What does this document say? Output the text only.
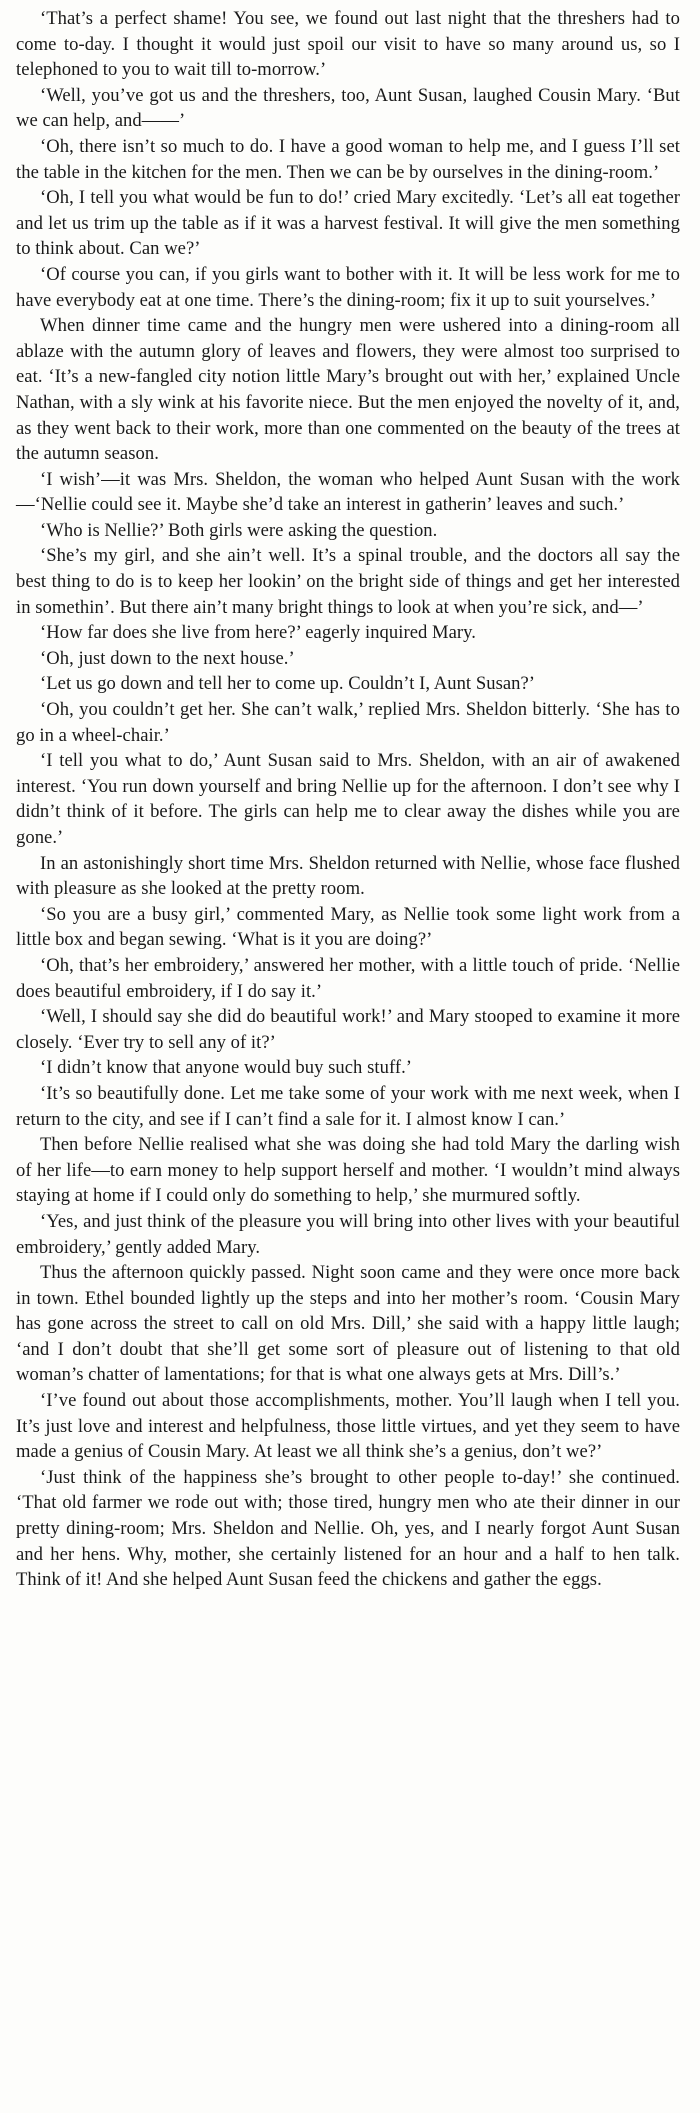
‘That’s a perfect shame! You see, we found out last night that the threshers had to come to-day. I thought it would just spoil our visit to have so many around us, so I telephoned to you to wait till to-morrow.’

‘Well, you’ve got us and the threshers, too, Aunt Susan, laughed Cousin Mary. ‘But we can help, and——’

‘Oh, there isn’t so much to do. I have a good woman to help me, and I guess I’ll set the table in the kitchen for the men. Then we can be by ourselves in the dining-room.’

‘Oh, I tell you what would be fun to do!’ cried Mary excitedly. ‘Let’s all eat together and let us trim up the table as if it was a harvest festival. It will give the men something to think about. Can we?’

‘Of course you can, if you girls want to bother with it. It will be less work for me to have everybody eat at one time. There’s the dining-room; fix it up to suit yourselves.’

When dinner time came and the hungry men were ushered into a dining-room all ablaze with the autumn glory of leaves and flowers, they were almost too surprised to eat. ‘It’s a new-fangled city notion little Mary’s brought out with her,’ explained Uncle Nathan, with a sly wink at his favorite niece. But the men enjoyed the novelty of it, and, as they went back to their work, more than one commented on the beauty of the trees at the autumn season.

‘I wish’—it was Mrs. Sheldon, the woman who helped Aunt Susan with the work—‘Nellie could see it. Maybe she’d take an interest in gatherin’ leaves and such.’

‘Who is Nellie?’ Both girls were asking the question.

‘She’s my girl, and she ain’t well. It’s a spinal trouble, and the doctors all say the best thing to do is to keep her lookin’ on the bright side of things and get her interested in somethin’. But there ain’t many bright things to look at when you’re sick, and—’

‘How far does she live from here?’ eagerly inquired Mary.

‘Oh, just down to the next house.’

‘Let us go down and tell her to come up. Couldn’t I, Aunt Susan?’

‘Oh, you couldn’t get her. She can’t walk,’ replied Mrs. Sheldon bitterly. ‘She has to go in a wheel-chair.’

‘I tell you what to do,’ Aunt Susan said to Mrs. Sheldon, with an air of awakened interest. ‘You run down yourself and bring Nellie up for the afternoon. I don’t see why I didn’t think of it before. The girls can help me to clear away the dishes while you are gone.’

In an astonishingly short time Mrs. Sheldon returned with Nellie, whose face flushed with pleasure as she looked at the pretty room.

‘So you are a busy girl,’ commented Mary, as Nellie took some light work from a little box and began sewing. ‘What is it you are doing?’

‘Oh, that’s her embroidery,’ answered her mother, with a little touch of pride. ‘Nellie does beautiful embroidery, if I do say it.’

‘Well, I should say she did do beautiful work!’ and Mary stooped to examine it more closely. ‘Ever try to sell any of it?’

‘I didn’t know that anyone would buy such stuff.’

‘It’s so beautifully done. Let me take some of your work with me next week, when I return to the city, and see if I can’t find a sale for it. I almost know I can.’

Then before Nellie realised what she was doing she had told Mary the darling wish of her life—to earn money to help support herself and mother. ‘I wouldn’t mind always staying at home if I could only do something to help,’ she murmured softly.

‘Yes, and just think of the pleasure you will bring into other lives with your beautiful embroidery,’ gently added Mary.

Thus the afternoon quickly passed. Night soon came and they were once more back in town. Ethel bounded lightly up the steps and into her mother’s room. ‘Cousin Mary has gone across the street to call on old Mrs. Dill,’ she said with a happy little laugh; ‘and I don’t doubt that she’ll get some sort of pleasure out of listening to that old woman’s chatter of lamentations; for that is what one always gets at Mrs. Dill’s.’

‘I’ve found out about those accomplishments, mother. You’ll laugh when I tell you. It’s just love and interest and helpfulness, those little virtues, and yet they seem to have made a genius of Cousin Mary. At least we all think she’s a genius, don’t we?’

‘Just think of the happiness she’s brought to other people to-day!’ she continued. ‘That old farmer we rode out with; those tired, hungry men who ate their dinner in our pretty dining-room; Mrs. Sheldon and Nellie. Oh, yes, and I nearly forgot Aunt Susan and her hens. Why, mother, she certainly listened for an hour and a half to hen talk. Think of it! And she helped Aunt Susan feed the chickens and gather the eggs.
